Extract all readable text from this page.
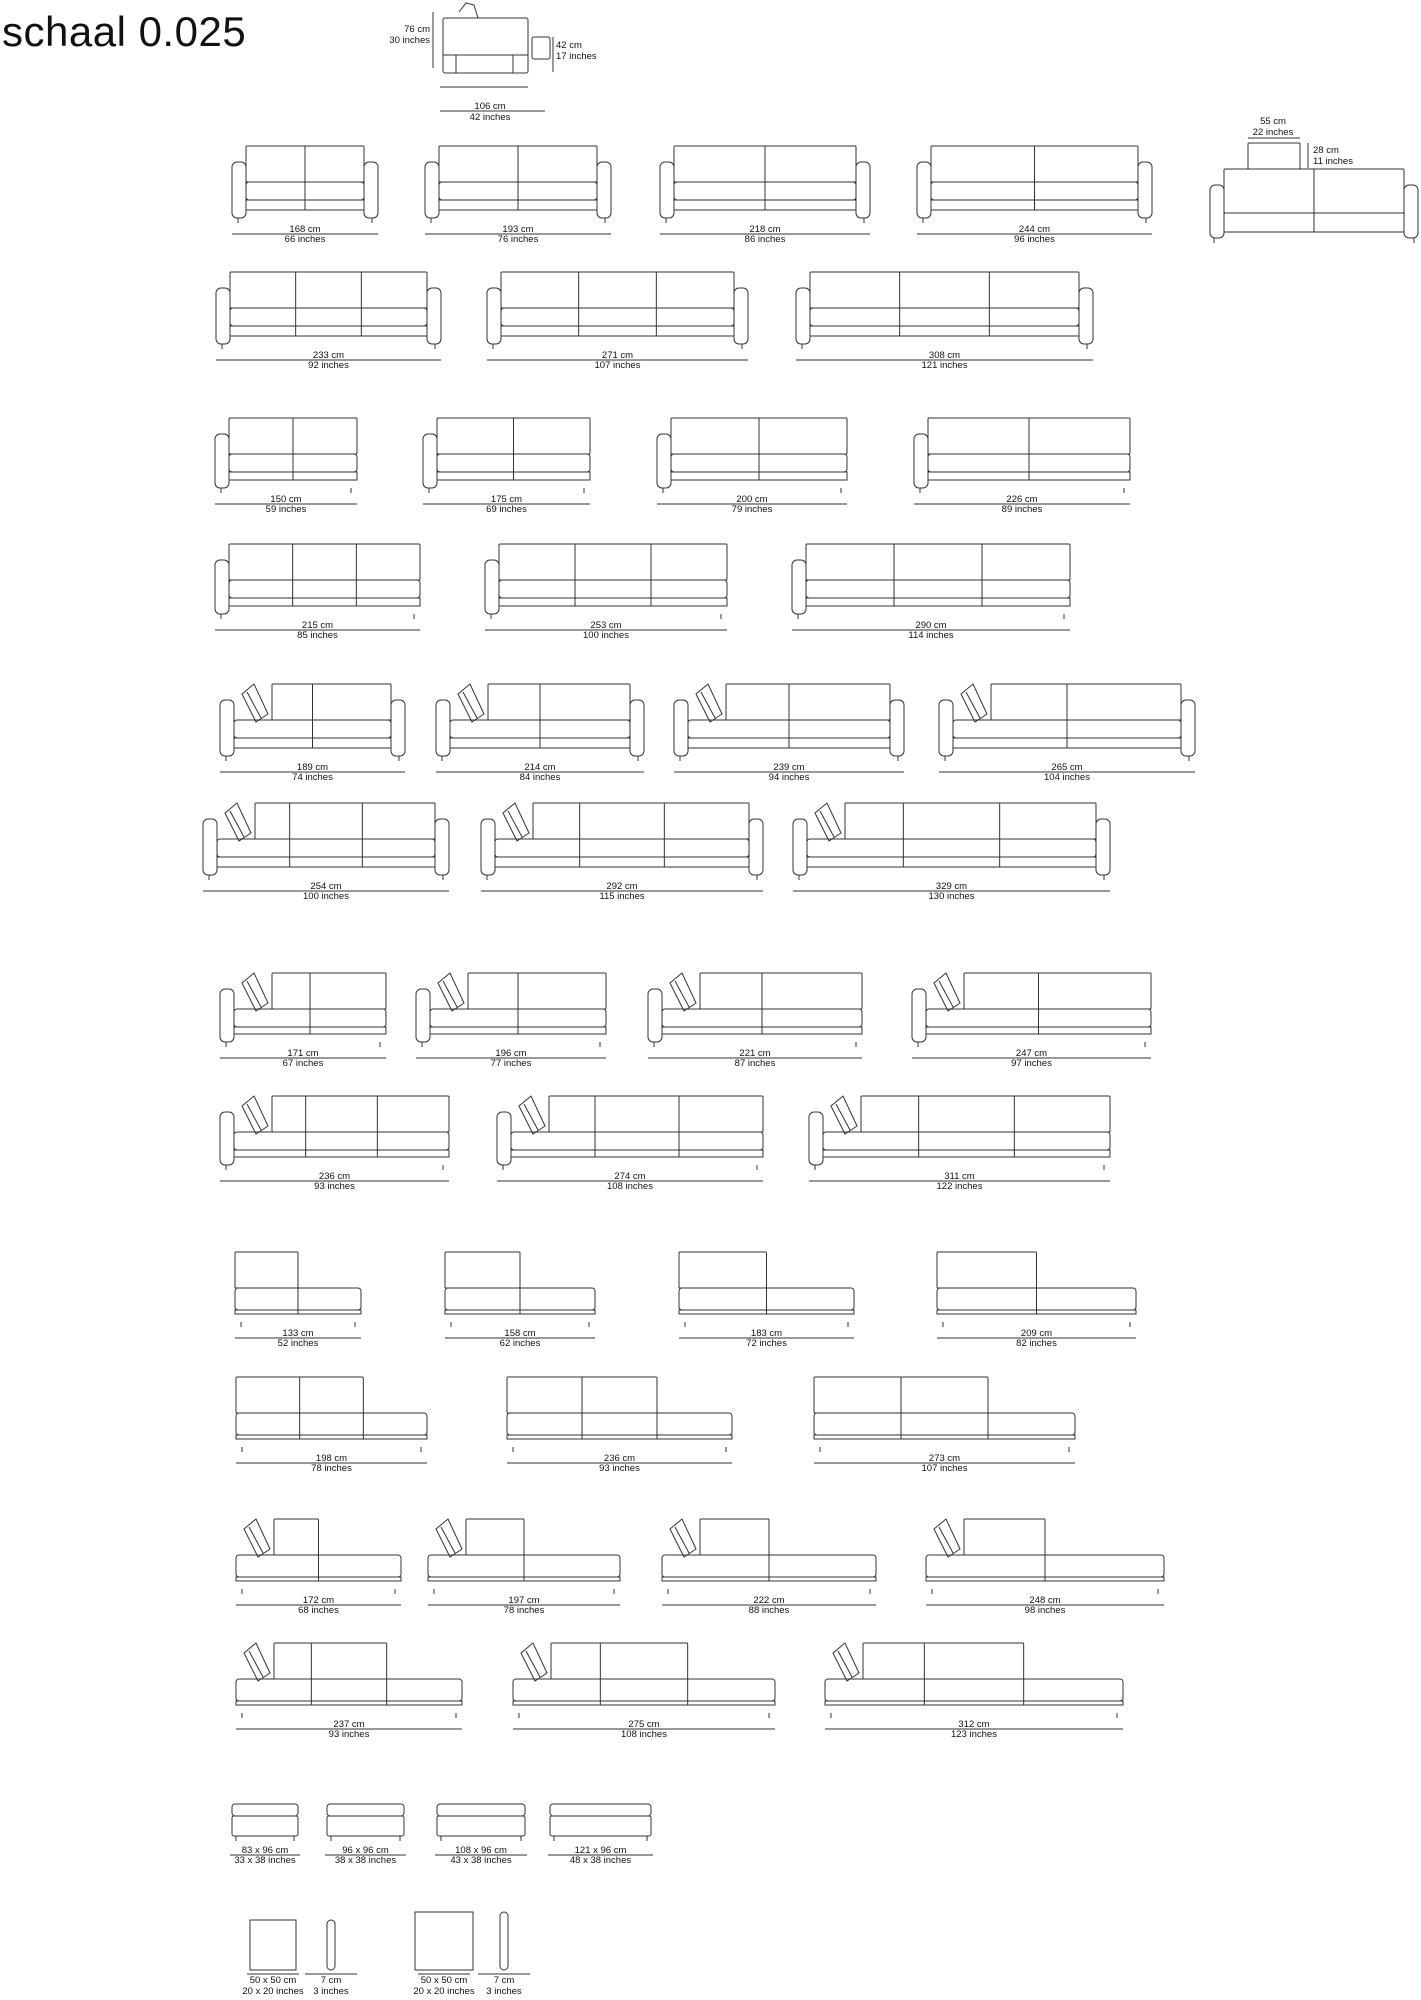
schaal 0.025	76 cm
30 inches	42 cm
17 inches
106 cm
42 inches	55 cm
22 inches
28 cm
11 inches
168 cm
66 inches
193 cm
76 inches
218 cm
86 inches
244 cm
96 inches
233 cm
92 inches
271 cm
107 inches
308 cm
121 inches
150 cm
59 inches
175 cm
69 inches
200 cm
79 inches
226 cm
89 inches
215 cm
85 inches
253 cm
100 inches
290 cm
114 inches
189 cm
74 inches
214 cm
84 inches
239 cm
94 inches
265 cm
104 inches
254 cm
100 inches
292 cm
115 inches
329 cm
130 inches
171 cm
67 inches
196 cm
77 inches
221 cm
87 inches
247 cm
97 inches
236 cm
93 inches
274 cm
108 inches
311 cm
122 inches
133 cm
52 inches
158 cm
62 inches
183 cm
72 inches
209 cm
82 inches
198 cm
78 inches
236 cm
93 inches
273 cm
107 inches
172 cm
68 inches
197 cm
78 inches
222 cm
88 inches
248 cm
98 inches
237 cm
93 inches
275 cm
108 inches
312 cm
123 inches
83 x 96 cm
33 x 38 inches
96 x 96 cm
38 x 38 inches
108 x 96 cm
43 x 38 inches
121 x 96 cm
48 x 38 inches
50 x 50 cm
20 x 20 inches
7 cm
3 inches
50 x 50 cm
20 x 20 inches
7 cm
3 inches
